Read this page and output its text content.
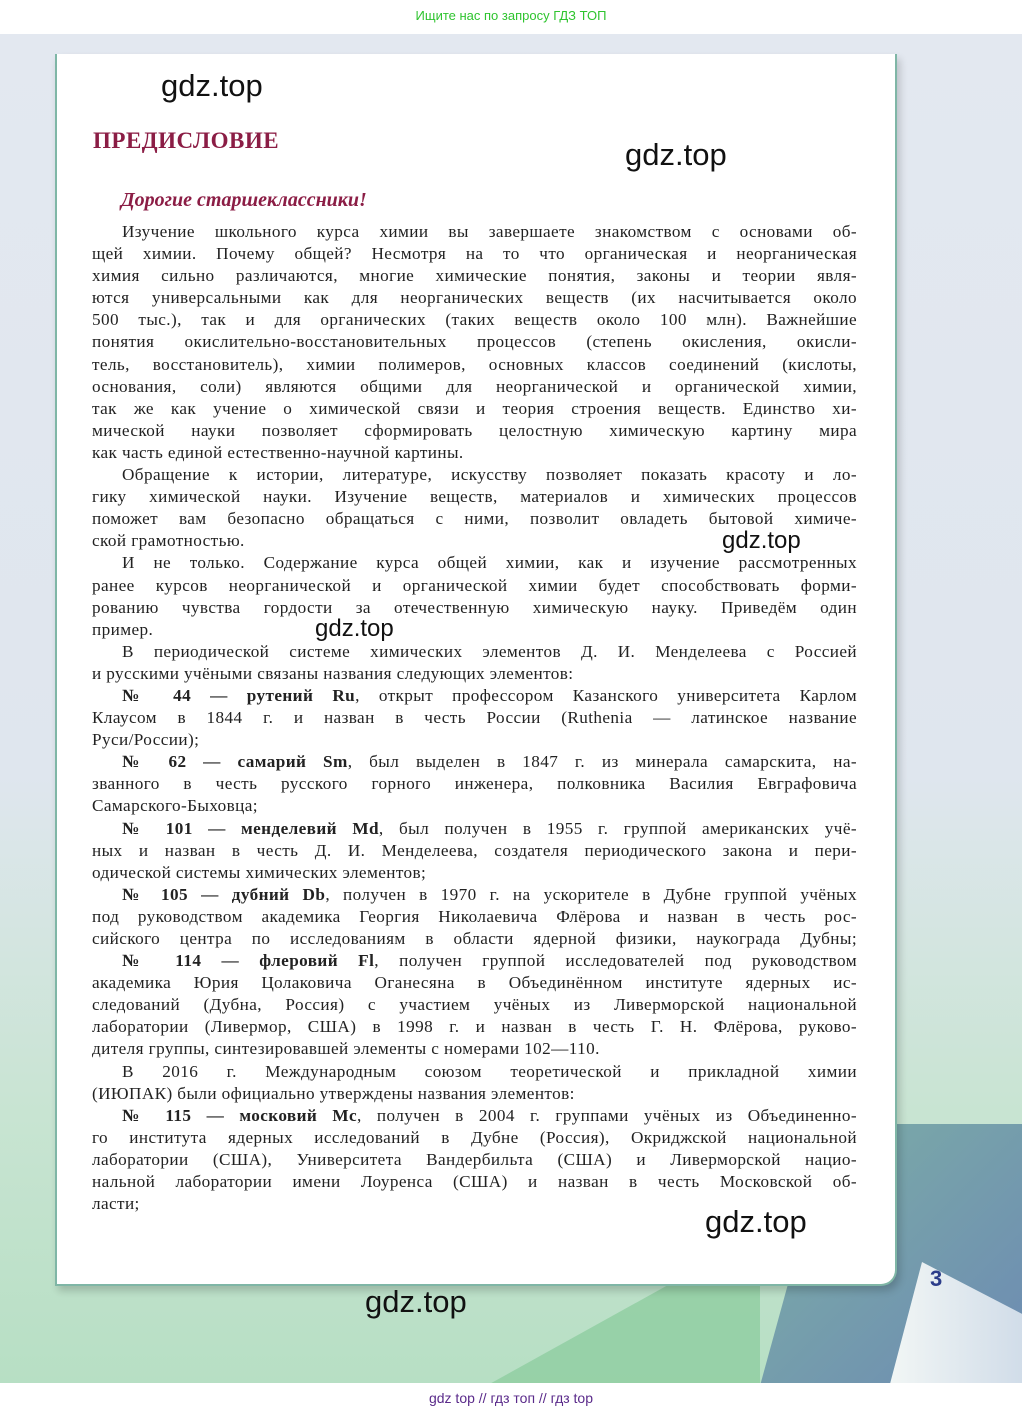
Ищите нас по запросу ГДЗ ТОП
ПРЕДИСЛОВИЕ
Дорогие старшеклассники!
Изучение школьного курса химии вы завершаете знакомством с основами об-
щей химии. Почему общей? Несмотря на то что органическая и неорганическая
химия сильно различаются, многие химические понятия, законы и теории явля-
ются универсальными как для неорганических веществ (их насчитывается около
500 тыс.), так и для органических (таких веществ около 100 млн). Важнейшие
понятия окислительно-восстановительных процессов (степень окисления, окисли-
тель, восстановитель), химии полимеров, основных классов соединений (кислоты,
основания, соли) являются общими для неорганической и органической химии,
так же как учение о химической связи и теория строения веществ. Единство хи-
мической науки позволяет сформировать целостную химическую картину мира
как часть единой естественно-научной картины.
Обращение к истории, литературе, искусству позволяет показать красоту и ло-
гику химической науки. Изучение веществ, материалов и химических процессов
поможет вам безопасно обращаться с ними, позволит овладеть бытовой химиче-
ской грамотностью.
И не только. Содержание курса общей химии, как и изучение рассмотренных
ранее курсов неорганической и органической химии будет способствовать форми-
рованию чувства гордости за отечественную химическую науку. Приведём один
пример.
В периодической системе химических элементов Д. И. Менделеева с Россией
и русскими учёными связаны названия следующих элементов:
№ 44 — рутений Ru, открыт профессором Казанского университета Карлом
Клаусом в 1844 г. и назван в честь России (Ruthenia — латинское название
Руси/России);
№ 62 — самарий Sm, был выделен в 1847 г. из минерала самарскита, на-
званного в честь русского горного инженера, полковника Василия Евграфовича
Самарского-Быховца;
№ 101 — менделевий Md, был получен в 1955 г. группой американских учё-
ных и назван в честь Д. И. Менделеева, создателя периодического закона и пери-
одической системы химических элементов;
№ 105 — дубний Db, получен в 1970 г. на ускорителе в Дубне группой учёных
под руководством академика Георгия Николаевича Флёрова и назван в честь рос-
сийского центра по исследованиям в области ядерной физики, наукограда Дубны;
№ 114 — флеровий Fl, получен группой исследователей под руководством
академика Юрия Цолаковича Оганесяна в Объединённом институте ядерных ис-
следований (Дубна, Россия) с участием учёных из Ливерморской национальной
лаборатории (Ливермор, США) в 1998 г. и назван в честь Г. Н. Флёрова, руково-
дителя группы, синтезировавшей элементы с номерами 102—110.
В 2016 г. Международным союзом теоретической и прикладной химии
(ИЮПАК) были официально утверждены названия элементов:
№ 115 — московий Mc, получен в 2004 г. группами учёных из Объединенно-
го института ядерных исследований в Дубне (Россия), Окриджской национальной
лаборатории (США), Университета Вандербильта (США) и Ливерморской нацио-
нальной лаборатории имени Лоуренса (США) и назван в честь Московской об-
ласти;
gdz.top
gdz.top
gdz.top
gdz.top
gdz.top
gdz.top
3
gdz top // гдз топ // гдз top
